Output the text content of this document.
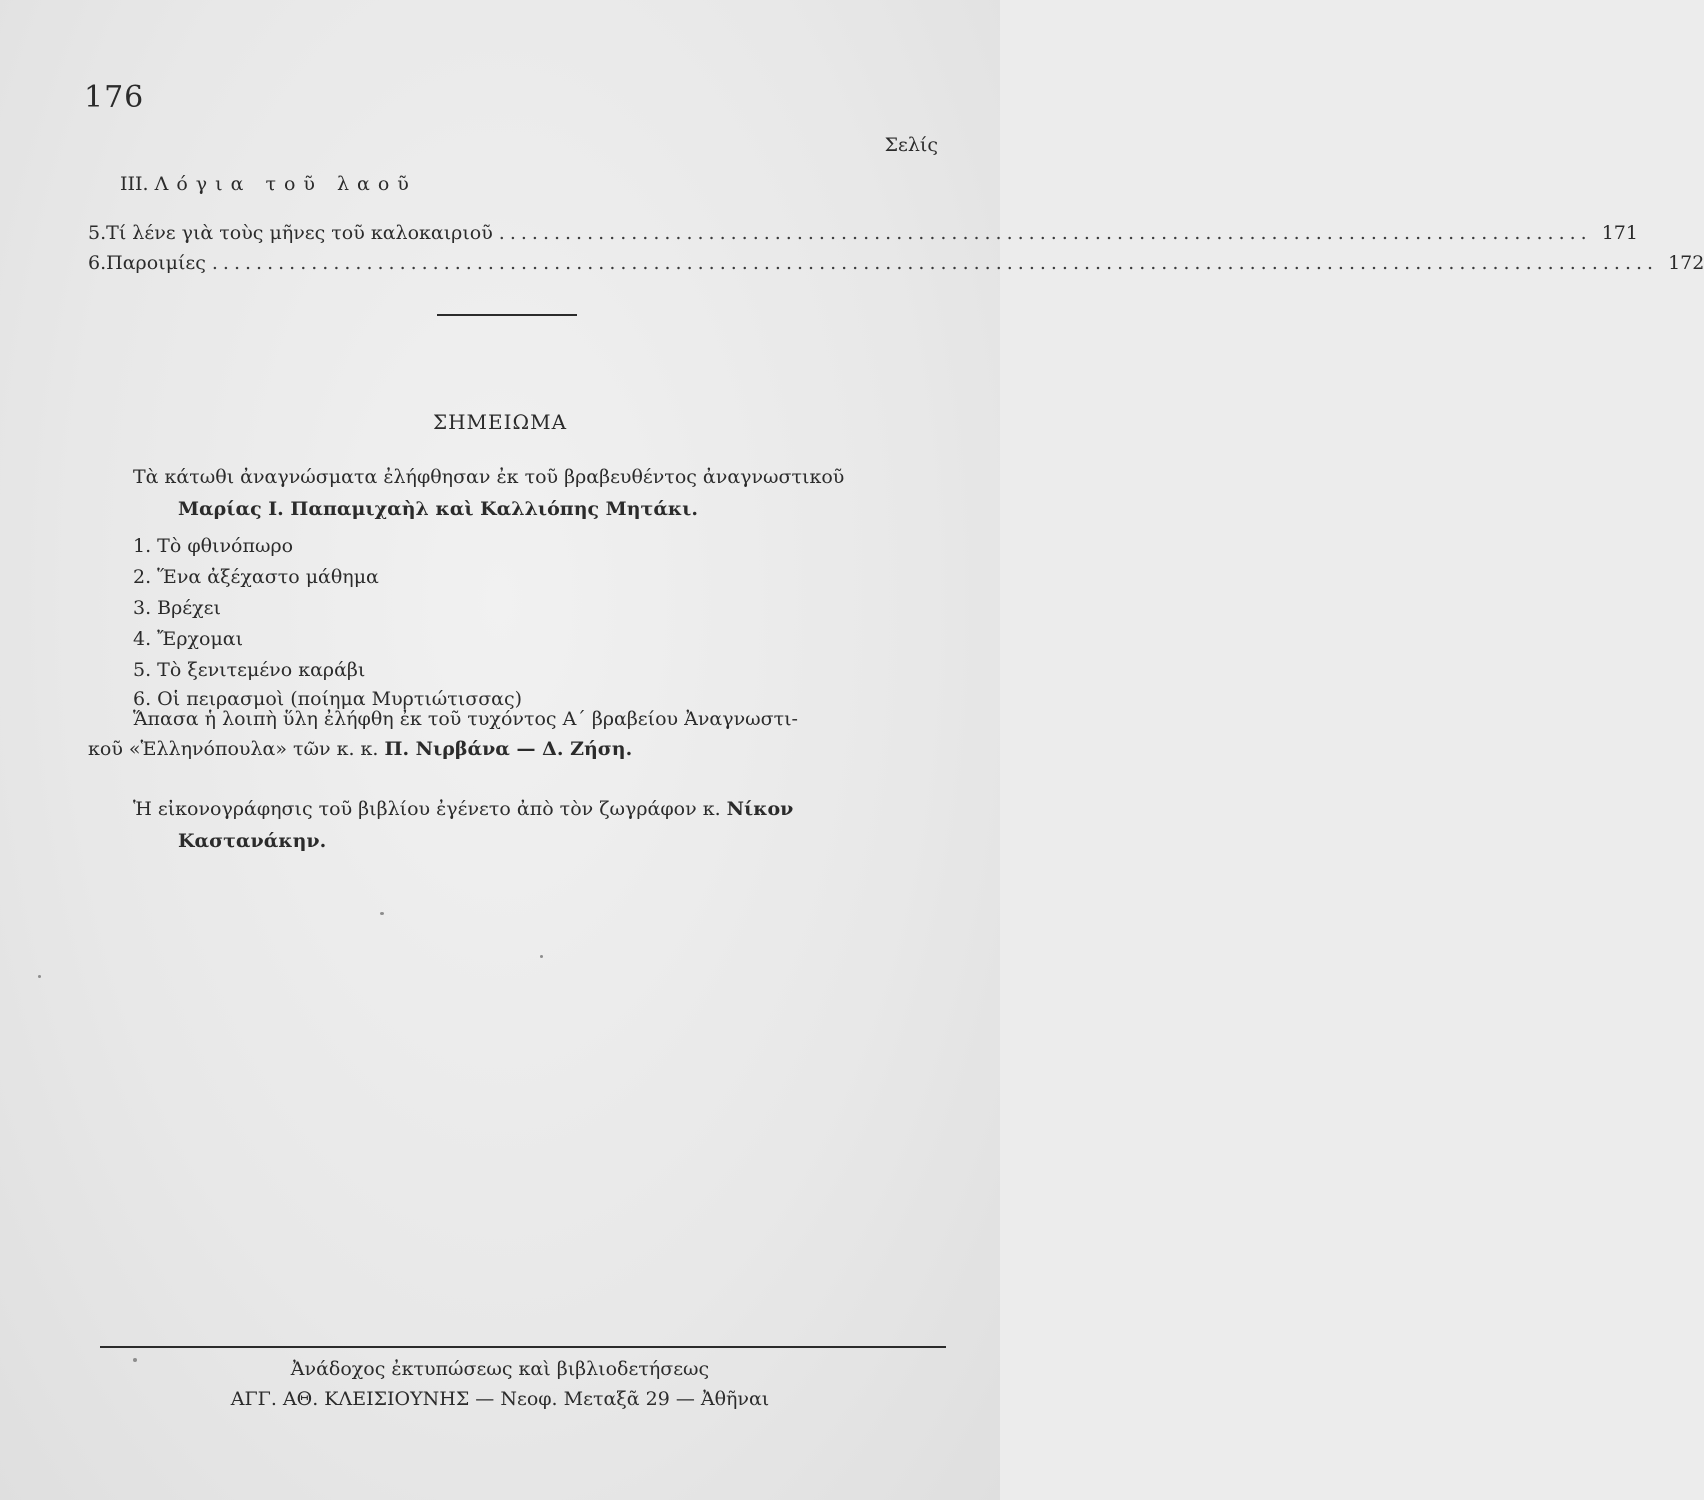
176
Σελίς
III. Λόγια τοῦ λαοῦ
5. Τί λένε γιὰ τοὺς μῆνες τοῦ καλοκαιριοῦ ................................................................................................... 171
6. Παροιμίες ................................................................................................................................... 172
ΣΗΜΕΙΩΜΑ
Τὰ κάτωθι ἀναγνώσματα ἐλήφθησαν ἐκ τοῦ βραβευθέντος ἀναγνωστικοῦ
Μαρίας Ι. Παπαμιχαὴλ καὶ Καλλιόπης Μητάκι.
1. Τὸ φθινόπωρο
2. Ἕνα ἀξέχαστο μάθημα
3. Βρέχει
4. Ἔρχομαι
5. Τὸ ξενιτεμένο καράβι
6. Οἱ πειρασμοὶ (ποίημα Μυρτιώτισσας)
Ἅπασα ἡ λοιπὴ ὕλη ἐλήφθη ἐκ τοῦ τυχόντος Α΄ βραβείου Ἀναγνωστι-
κοῦ «Ἑλληνόπουλα» τῶν κ. κ. Π. Νιρβάνα — Δ. Ζήση.
Ἡ εἰκονογράφησις τοῦ βιβλίου ἐγένετο ἀπὸ τὸν ζωγράφον κ. Νίκον
Καστανάκην.
Ἀνάδοχος ἐκτυπώσεως καὶ βιβλιοδετήσεως
ΑΓΓ. ΑΘ. ΚΛΕΙΣΙΟΥΝΗΣ — Νεοφ. Μεταξᾶ 29 — Ἀθῆναι
